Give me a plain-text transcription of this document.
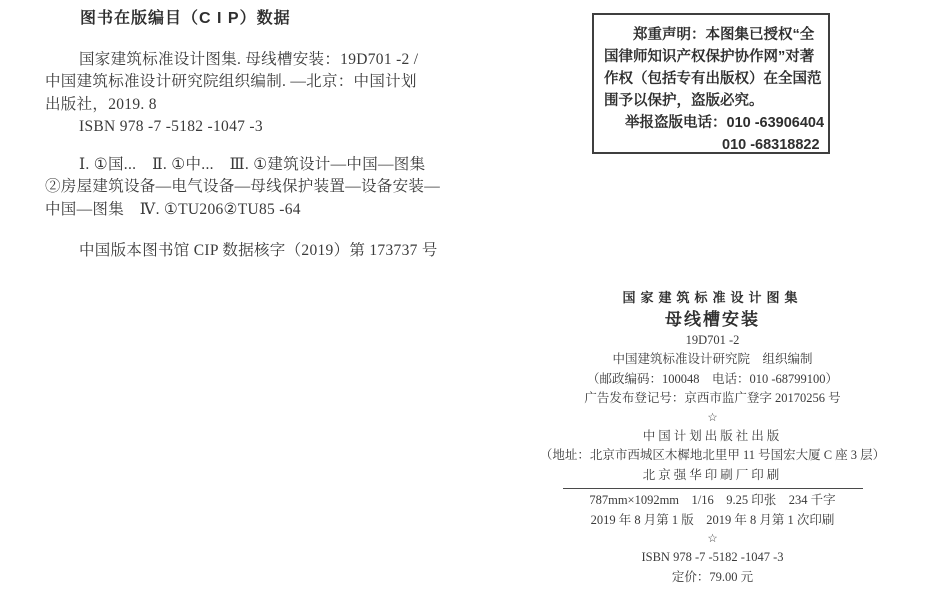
图书在版编目（C I P）数据
国家建筑标准设计图集. 母线槽安装：19D701 -2 /
中国建筑标准设计研究院组织编制. —北京：中国计划
出版社，2019. 8
ISBN 978 -7 -5182 -1047 -3
Ⅰ. ①国...　Ⅱ. ①中...　Ⅲ. ①建筑设计—中国—图集
②房屋建筑设备—电气设备—母线保护装置—设备安装—
中国—图集　Ⅳ. ①TU206②TU85 -64
中国版本图书馆 CIP 数据核字（2019）第 173737 号
郑重声明：本图集已授权“全
国律师知识产权保护协作网”对著
作权（包括专有出版权）在全国范
围予以保护，盗版必究。
举报盗版电话：010 -63906404
010 -68318822
国家建筑标准设计图集
母线槽安装
19D701 -2
中国建筑标准设计研究院　组织编制
（邮政编码：100048　电话：010 -68799100）
广告发布登记号：京西市监广登字 20170256 号
☆
中国计划出版社出版
（地址：北京市西城区木樨地北里甲 11 号国宏大厦 C 座 3 层）
北京强华印刷厂印刷
787mm×1092mm　1/16　9.25 印张　234 千字
2019 年 8 月第 1 版　2019 年 8 月第 1 次印刷
☆
ISBN 978 -7 -5182 -1047 -3
定价：79.00 元
